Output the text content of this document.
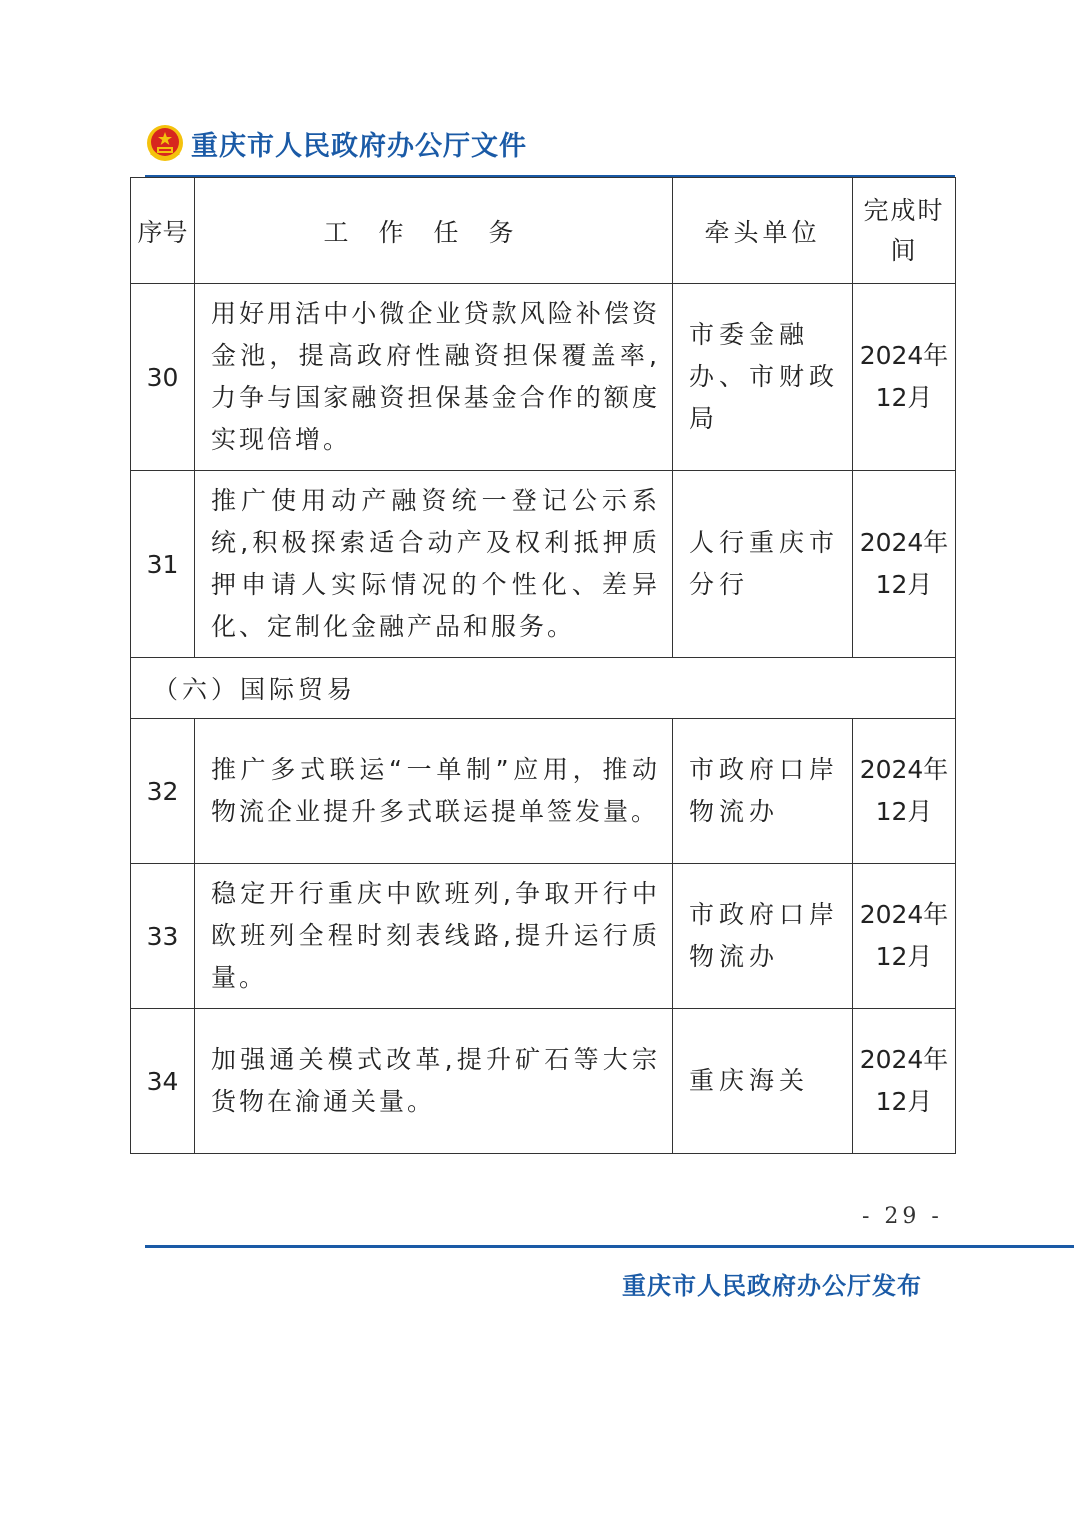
重庆市人民政府办公厅文件
序号	工作任务	牵头单位	完成时间
30	用好用活中小微企业贷款风险补偿资金池，提高政府性融资担保覆盖率,力争与国家融资担保基金合作的额度实现倍增。	市委金融办、市财政局	2024年12月
31	推广使用动产融资统一登记公示系统,积极探索适合动产及权利抵押质押申请人实际情况的个性化、差异化、定制化金融产品和服务。	人行重庆市分行	2024年12月
（六）国际贸易			
32	推广多式联运“一单制”应用，推动物流企业提升多式联运提单签发量。	市政府口岸物流办	2024年12月
33	稳定开行重庆中欧班列,争取开行中欧班列全程时刻表线路,提升运行质量。	市政府口岸物流办	2024年12月
34	加强通关模式改革,提升矿石等大宗货物在渝通关量。	重庆海关	2024年12月
- 29 -
重庆市人民政府办公厅发布
